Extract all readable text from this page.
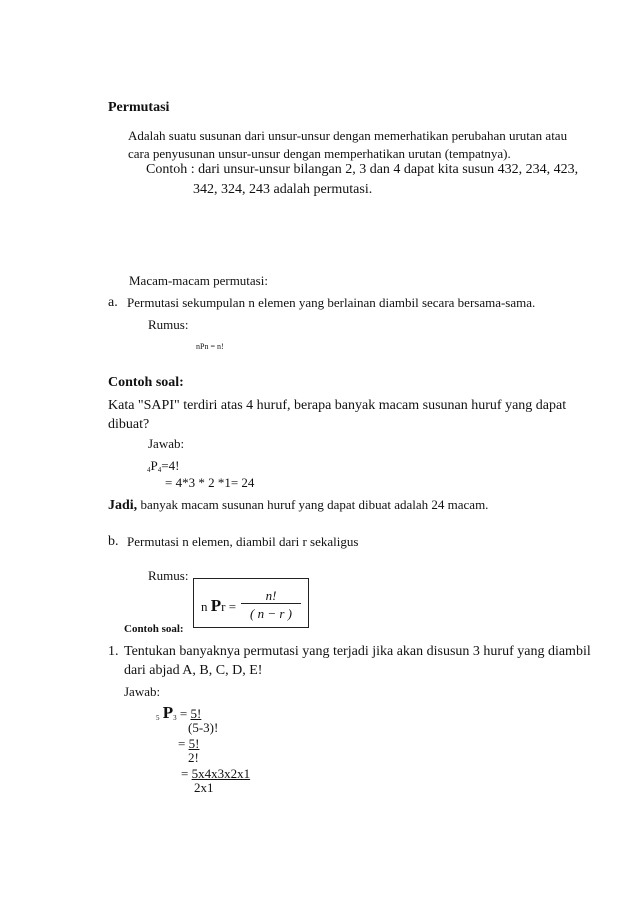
Permutasi
Adalah suatu susunan dari unsur-unsur dengan memerhatikan perubahan urutan atau
cara penyusunan unsur-unsur dengan memperhatikan urutan (tempatnya).
Contoh : dari unsur-unsur bilangan 2, 3 dan 4 dapat kita susun 432, 234, 423,
342, 324, 243 adalah permutasi.
Macam-macam permutasi:
a. Permutasi sekumpulan n elemen yang berlainan diambil secara bersama-sama.
Rumus:
nPn = n!
Contoh soal:
Kata "SAPI" terdiri atas 4 huruf, berapa banyak macam susunan huruf yang dapat
dibuat?
Jawab:
$_4P_4=4$!
= 4*3 * 2 *1= 24
Jadi, banyak macam susunan huruf yang dapat dibuat adalah 24 macam.
b. Permutasi n elemen, diambil dari r sekaligus
Rumus:
n Pr =
n!
( n − r )
Contoh soal:
1. Tentukan banyaknya permutasi yang terjadi jika akan disusun 3 huruf yang diambil
dari abjad A, B, C, D, E!
Jawab:
$_5$ $P_3 = 5$!
(5-3)!
= 5!
2!
= 5x4x3x2x1
2x1
